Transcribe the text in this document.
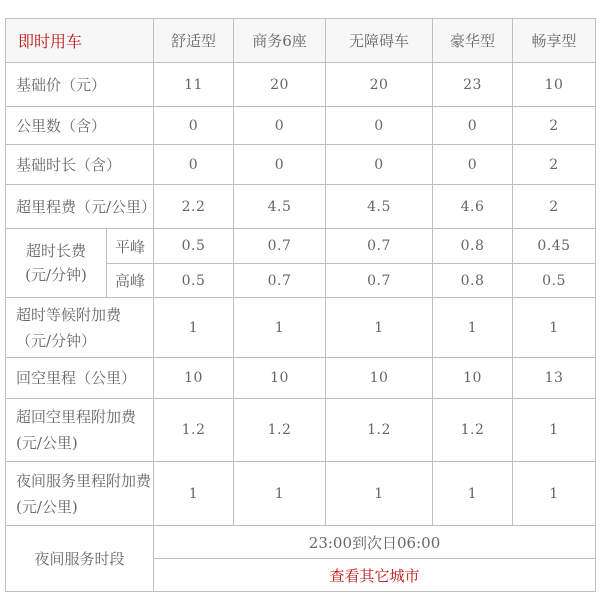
即时用车		舒适型	商务6座	无障碍车	豪华型	畅享型
基础价（元）		11	20	20	23	10
公里数（含）		0	0	0	0	2
基础时长（含）		0	0	0	0	2
超里程费（元/公里）		2.2	4.5	4.5	4.6	2

超时长费
(元/分钟)	平峰	0.5	0.7	0.7	0.8	0.45
	高峰	0.5	0.7	0.7	0.8	0.5

超时等候附加费
（元/分钟）		1	1	1	1	1
回空里程（公里）		10	10	10	10	13

超回空里程附加费
(元/公里)		1.2	1.2	1.2	1.2	1

夜间服务里程附加费
(元/公里)		1	1	1	1	1
夜间服务时段		23:00到次日06:00				
		查看其它城市				
